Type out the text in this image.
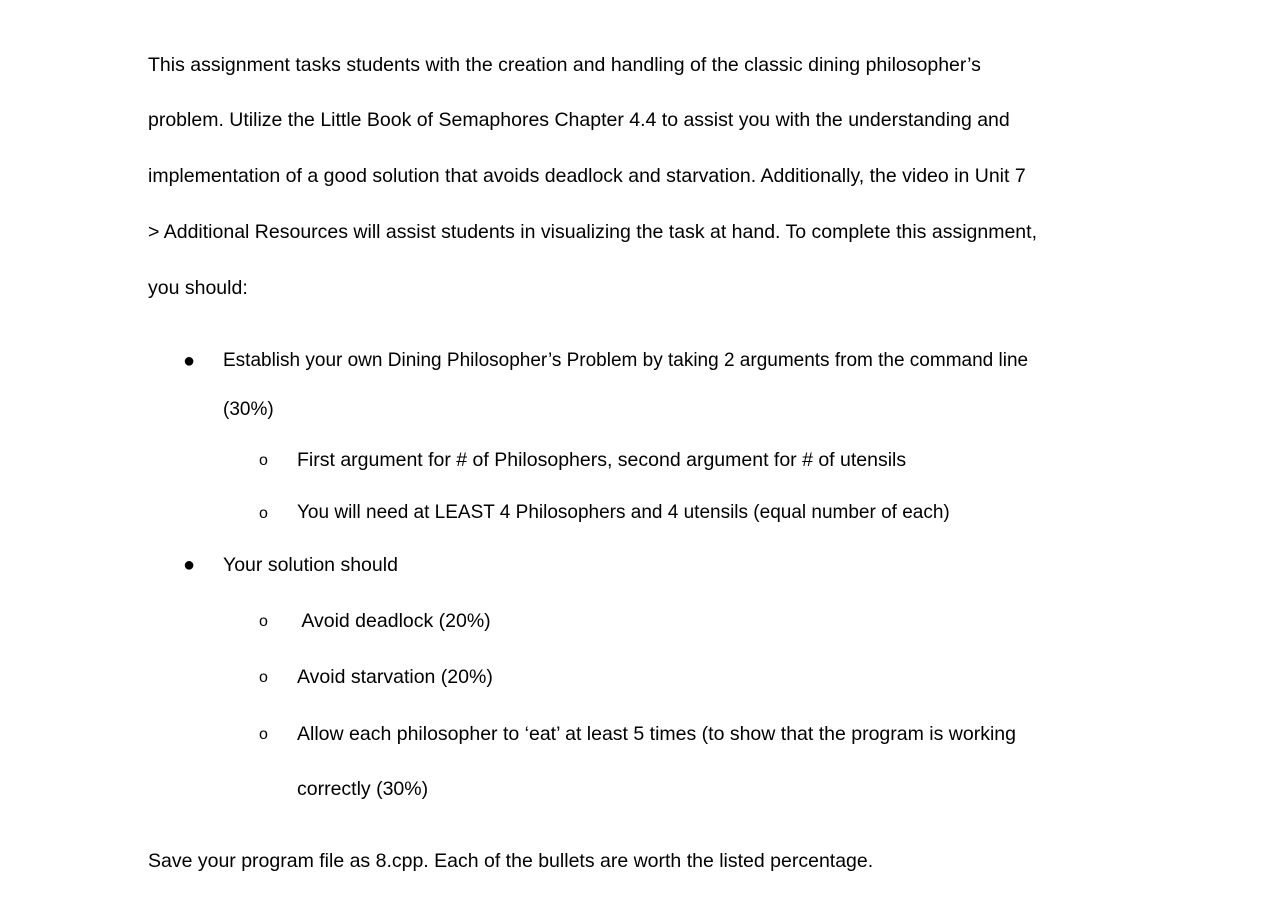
This assignment tasks students with the creation and handling of the classic dining philosopher’s
problem. Utilize the Little Book of Semaphores Chapter 4.4 to assist you with the understanding and
implementation of a good solution that avoids deadlock and starvation. Additionally, the video in Unit 7
> Additional Resources will assist students in visualizing the task at hand. To complete this assignment,
you should:
● Establish your own Dining Philosopher’s Problem by taking 2 arguments from the command line
(30%)
o First argument for # of Philosophers, second argument for # of utensils
o You will need at LEAST 4 Philosophers and 4 utensils (equal number of each)
● Your solution should
o Avoid deadlock (20%)
o Avoid starvation (20%)
o Allow each philosopher to ‘eat’ at least 5 times (to show that the program is working
correctly (30%)
Save your program file as 8.cpp. Each of the bullets are worth the listed percentage.
